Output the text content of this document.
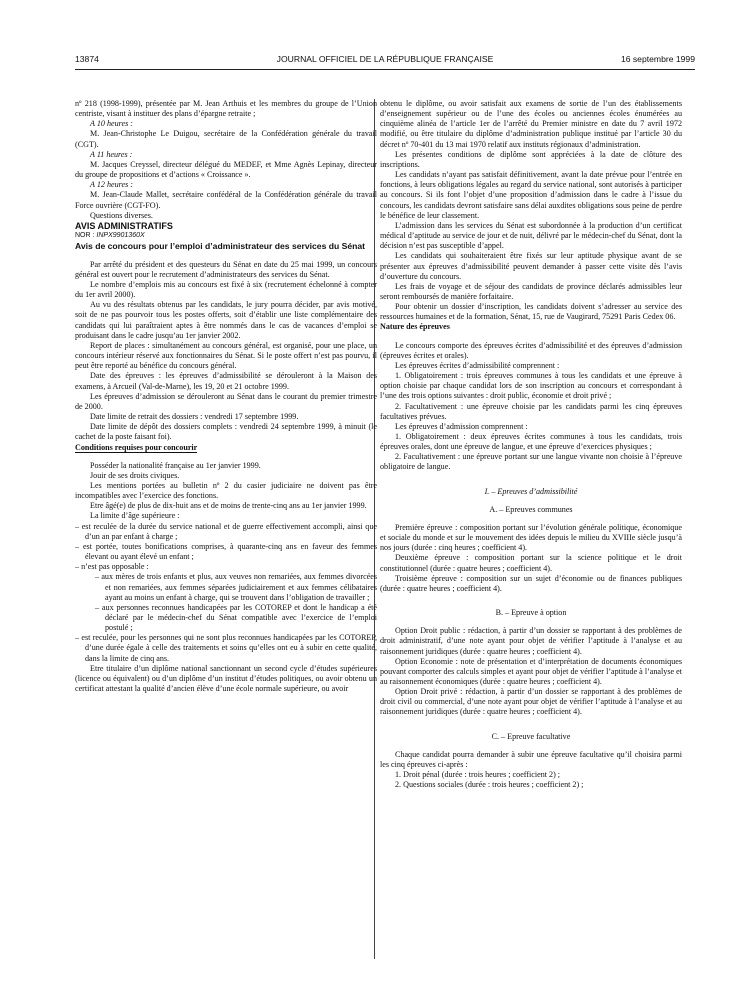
13874	JOURNAL OFFICIEL DE LA RÉPUBLIQUE FRANÇAISE	16 septembre 1999

nº 218 (1998-1999), présentée par M. Jean Arthuis et les membres du groupe de l’Union centriste, visant à instituer des plans d’épargne retraite ;

A 10 heures :

M. Jean-Christophe Le Duigou, secrétaire de la Confédération générale du travail (CGT).

A 11 heures :

M. Jacques Creyssel, directeur délégué du MEDEF, et Mme Agnès Lepinay, directeur du groupe de propositions et d’actions « Croissance ».

A 12 heures :

M. Jean-Claude Mallet, secrétaire confédéral de la Confédération générale du travail Force ouvrière (CGT-FO).

Questions diverses.

AVIS ADMINISTRATIFS

NOR : INPX9901360X

Avis de concours pour l’emploi d’administrateur des services du Sénat

Par arrêté du président et des questeurs du Sénat en date du 25 mai 1999, un concours général est ouvert pour le recrutement d’administrateurs des services du Sénat.

Le nombre d’emplois mis au concours est fixé à six (recrutement échelonné à compter du 1er avril 2000).

Au vu des résultats obtenus par les candidats, le jury pourra décider, par avis motivé, soit de ne pas pourvoir tous les postes offerts, soit d’établir une liste complémentaire des candidats qui lui paraîtraient aptes à être nommés dans le cas de vacances d’emploi se produisant dans le cadre jusqu’au 1er janvier 2002.

Report de places : simultanément au concours général, est organisé, pour une place, un concours intérieur réservé aux fonctionnaires du Sénat. Si le poste offert n’est pas pourvu, il peut être reporté au bénéfice du concours général.

Date des épreuves : les épreuves d’admissibilité se dérouleront à la Maison des examens, à Arcueil (Val-de-Marne), les 19, 20 et 21 octobre 1999.

Les épreuves d’admission se dérouleront au Sénat dans le courant du premier trimestre de 2000.

Date limite de retrait des dossiers : vendredi 17 septembre 1999.

Date limite de dépôt des dossiers complets : vendredi 24 septembre 1999, à minuit (le cachet de la poste faisant foi).

Conditions requises pour concourir

Posséder la nationalité française au 1er janvier 1999.

Jouir de ses droits civiques.

Les mentions portées au bulletin nº 2 du casier judiciaire ne doivent pas être incompatibles avec l’exercice des fonctions.

Etre âgé(e) de plus de dix-huit ans et de moins de trente-cinq ans au 1er janvier 1999.

La limite d’âge supérieure :

– est reculée de la durée du service national et de guerre effectivement accompli, ainsi que d’un an par enfant à charge ;

– est portée, toutes bonifications comprises, à quarante-cinq ans en faveur des femmes élevant ou ayant élevé un enfant ;

– n’est pas opposable :

– aux mères de trois enfants et plus, aux veuves non remariées, aux femmes divorcées et non remariées, aux femmes séparées judiciairement et aux femmes célibataires ayant au moins un enfant à charge, qui se trouvent dans l’obligation de travailler ;

– aux personnes reconnues handicapées par les COTOREP et dont le handicap a été déclaré par le médecin-chef du Sénat compatible avec l’exercice de l’emploi postulé ;

– est reculée, pour les personnes qui ne sont plus reconnues handicapées par les COTOREP, d’une durée égale à celle des traitements et soins qu’elles ont eu à subir en cette qualité, dans la limite de cinq ans.

Etre titulaire d’un diplôme national sanctionnant un second cycle d’études supérieures (licence ou équivalent) ou d’un diplôme d’un institut d’études politiques, ou avoir obtenu un certificat attestant la qualité d’ancien élève d’une école normale supérieure, ou avoir

obtenu le diplôme, ou avoir satisfait aux examens de sortie de l’un des établissements d’enseignement supérieur ou de l’une des écoles ou anciennes écoles énumérées au cinquième alinéa de l’article 1er de l’arrêté du Premier ministre en date du 7 avril 1972 modifié, ou être titulaire du diplôme d’administration publique institué par l’article 30 du décret nº 70-401 du 13 mai 1970 relatif aux instituts régionaux d’administration.

Les présentes conditions de diplôme sont appréciées à la date de clôture des inscriptions.

Les candidats n’ayant pas satisfait définitivement, avant la date prévue pour l’entrée en fonctions, à leurs obligations légales au regard du service national, sont autorisés à participer au concours. Si ils font l’objet d’une proposition d’admission dans le cadre à l’issue du concours, les candidats devront satisfaire sans délai auxdites obligations sous peine de perdre le bénéfice de leur classement.

L’admission dans les services du Sénat est subordonnée à la production d’un certificat médical d’aptitude au service de jour et de nuit, délivré par le médecin-chef du Sénat, dont la décision n’est pas susceptible d’appel.

Les candidats qui souhaiteraient être fixés sur leur aptitude physique avant de se présenter aux épreuves d’admissibilité peuvent demander à passer cette visite dès l’avis d’ouverture du concours.

Les frais de voyage et de séjour des candidats de province déclarés admissibles leur seront remboursés de manière forfaitaire.

Pour obtenir un dossier d’inscription, les candidats doivent s’adresser au service des ressources humaines et de la formation, Sénat, 15, rue de Vaugirard, 75291 Paris Cedex 06.

Nature des épreuves

Le concours comporte des épreuves écrites d’admissibilité et des épreuves d’admission (épreuves écrites et orales).

Les épreuves écrites d’admissibilité comprennent :

1. Obligatoirement : trois épreuves communes à tous les candidats et une épreuve à option choisie par chaque candidat lors de son inscription au concours et correspondant à l’une des trois options suivantes : droit public, économie et droit privé ;

2. Facultativement : une épreuve choisie par les candidats parmi les cinq épreuves facultatives prévues.

Les épreuves d’admission comprennent :

1. Obligatoirement : deux épreuves écrites communes à tous les candidats, trois épreuves orales, dont une épreuve de langue, et une épreuve d’exercices physiques ;

2. Facultativement : une épreuve portant sur une langue vivante non choisie à l’épreuve obligatoire de langue.

I. – Epreuves d’admissibilité

A. – Epreuves communes

Première épreuve : composition portant sur l’évolution générale politique, économique et sociale du monde et sur le mouvement des idées depuis le milieu du XVIIIe siècle jusqu’à nos jours (durée : cinq heures ; coefficient 4).

Deuxième épreuve : composition portant sur la science politique et le droit constitutionnel (durée : quatre heures ; coefficient 4).

Troisième épreuve : composition sur un sujet d’économie ou de finances publiques (durée : quatre heures ; coefficient 4).

B. – Epreuve à option

Option Droit public : rédaction, à partir d’un dossier se rapportant à des problèmes de droit administratif, d’une note ayant pour objet de vérifier l’aptitude à l’analyse et au raisonnement juridiques (durée : quatre heures ; coefficient 4).

Option Economie : note de présentation et d’interprétation de documents économiques pouvant comporter des calculs simples et ayant pour objet de vérifier l’aptitude à l’analyse et au raisonnement économiques (durée : quatre heures ; coefficient 4).

Option Droit privé : rédaction, à partir d’un dossier se rapportant à des problèmes de droit civil ou commercial, d’une note ayant pour objet de vérifier l’aptitude à l’analyse et au raisonnement juridiques (durée : quatre heures ; coefficient 4).

C. – Epreuve facultative

Chaque candidat pourra demander à subir une épreuve facultative qu’il choisira parmi les cinq épreuves ci-après :

1. Droit pénal (durée : trois heures ; coefficient 2) ;

2. Questions sociales (durée : trois heures ; coefficient 2) ;
